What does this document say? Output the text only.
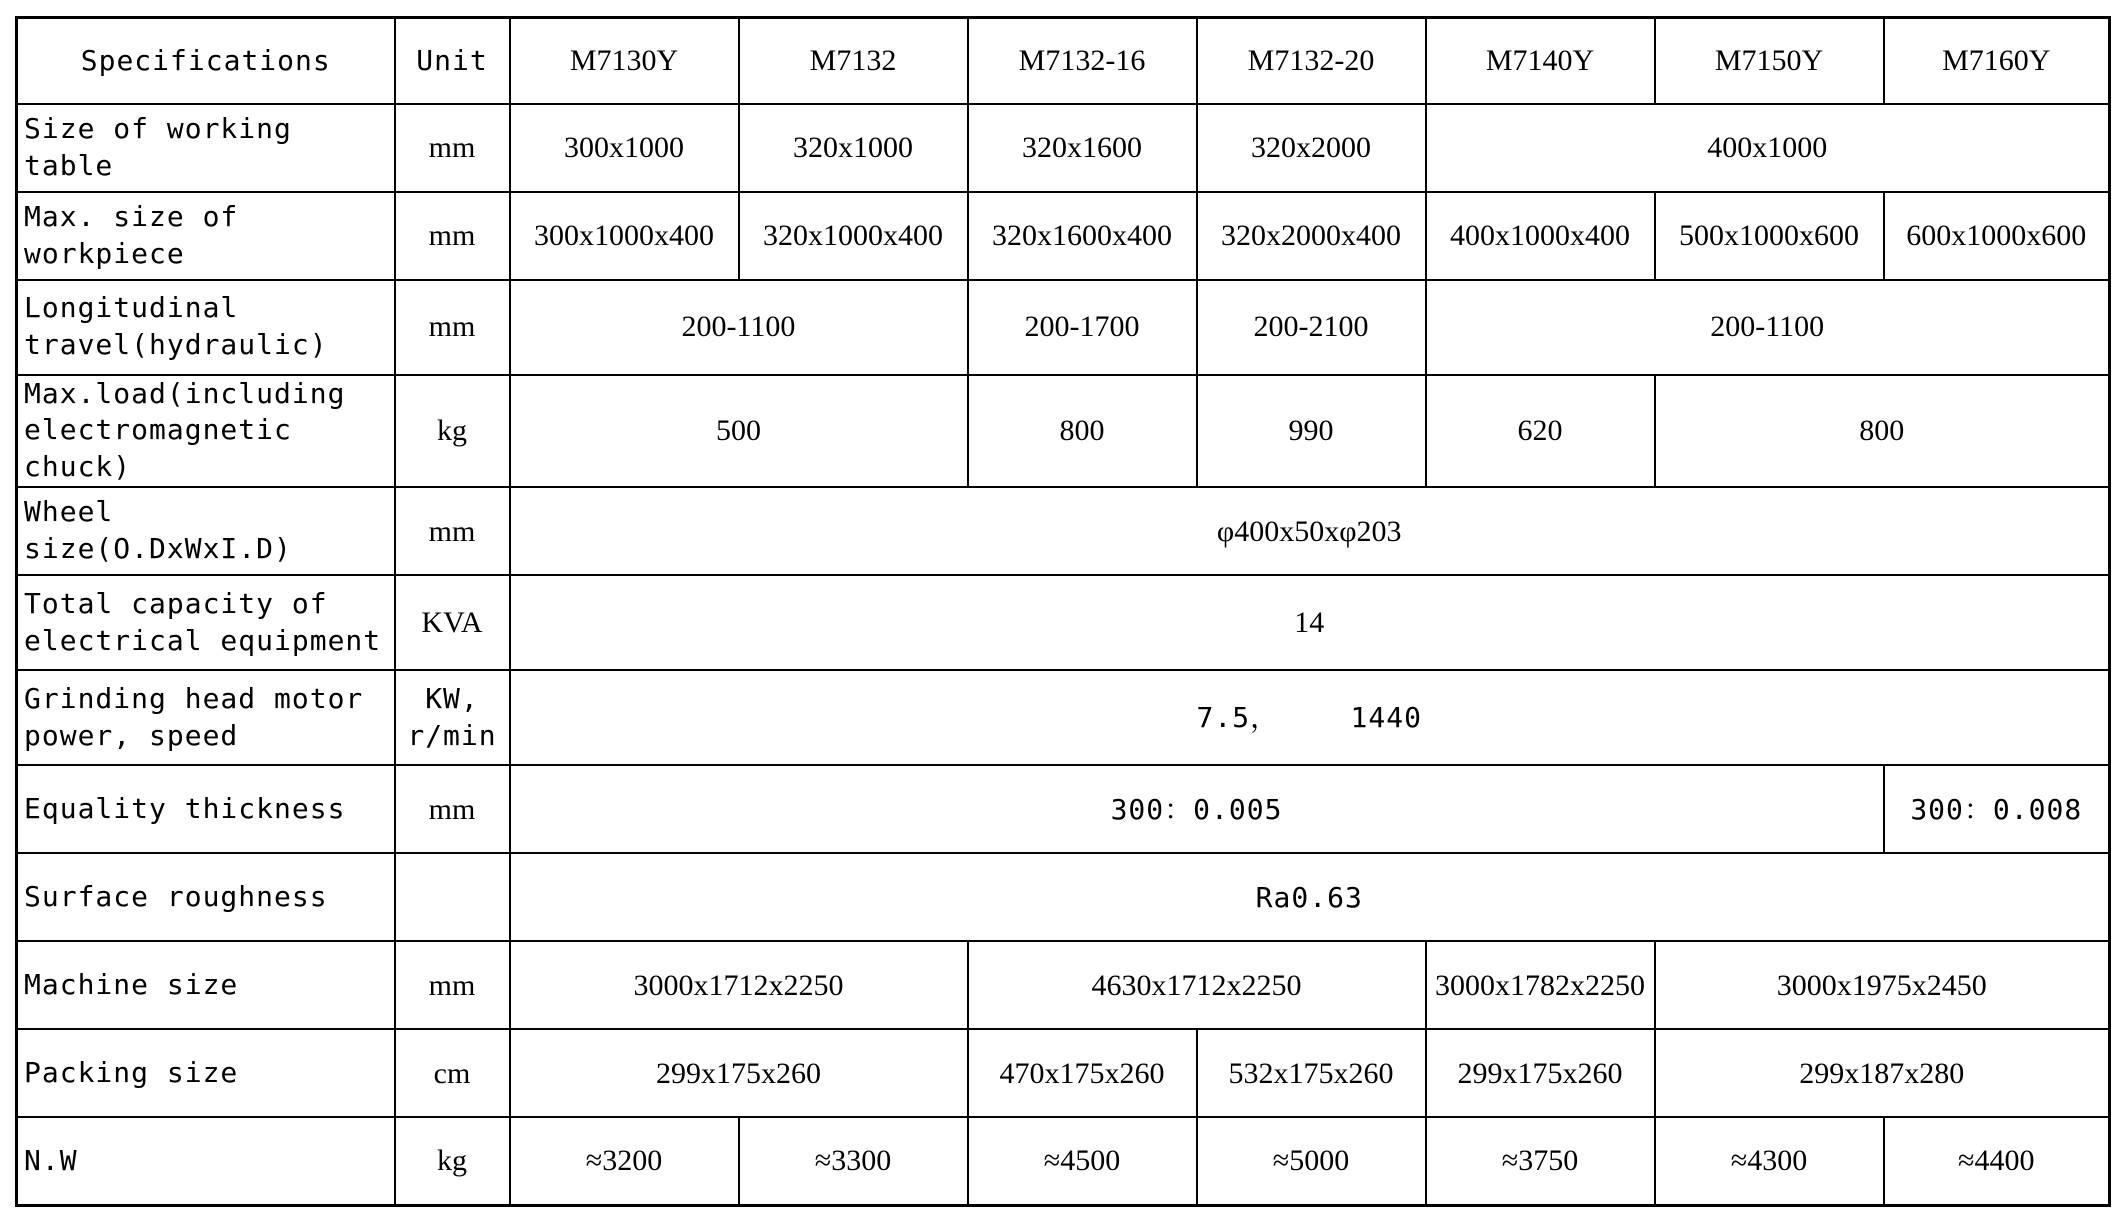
Specifications	Unit	M7130Y	M7132	M7132-16	M7132-20	M7140Y	M7150Y	M7160Y
Size of working table	mm	300x1000	320x1000	320x1600	320x2000	400x1000		
Max. size of workpiece	mm	300x1000x400	320x1000x400	320x1600x400	320x2000x400	400x1000x400	500x1000x600	600x1000x600
Longitudinal travel(hydraulic)	mm	200-1100		200-1700	200-2100	200-1100		
Max.load(including electromagnetic chuck)	kg	500		800	990	620	800	
Wheel size(O.DxWxI.D)	mm	φ400x50xφ203						
Total capacity of electrical equipment	KVA	14						
Grinding head motor power, speed	KW, r/min	7.5，    1440						
Equality thickness	mm	300：0.005						300：0.008
Surface roughness		Ra0.63						
Machine size	mm	3000x1712x2250		4630x1712x2250		3000x1782x2250	3000x1975x2450	
Packing size	cm	299x175x260		470x175x260	532x175x260	299x175x260	299x187x280	
N.W	kg	≈3200	≈3300	≈4500	≈5000	≈3750	≈4300	≈4400
